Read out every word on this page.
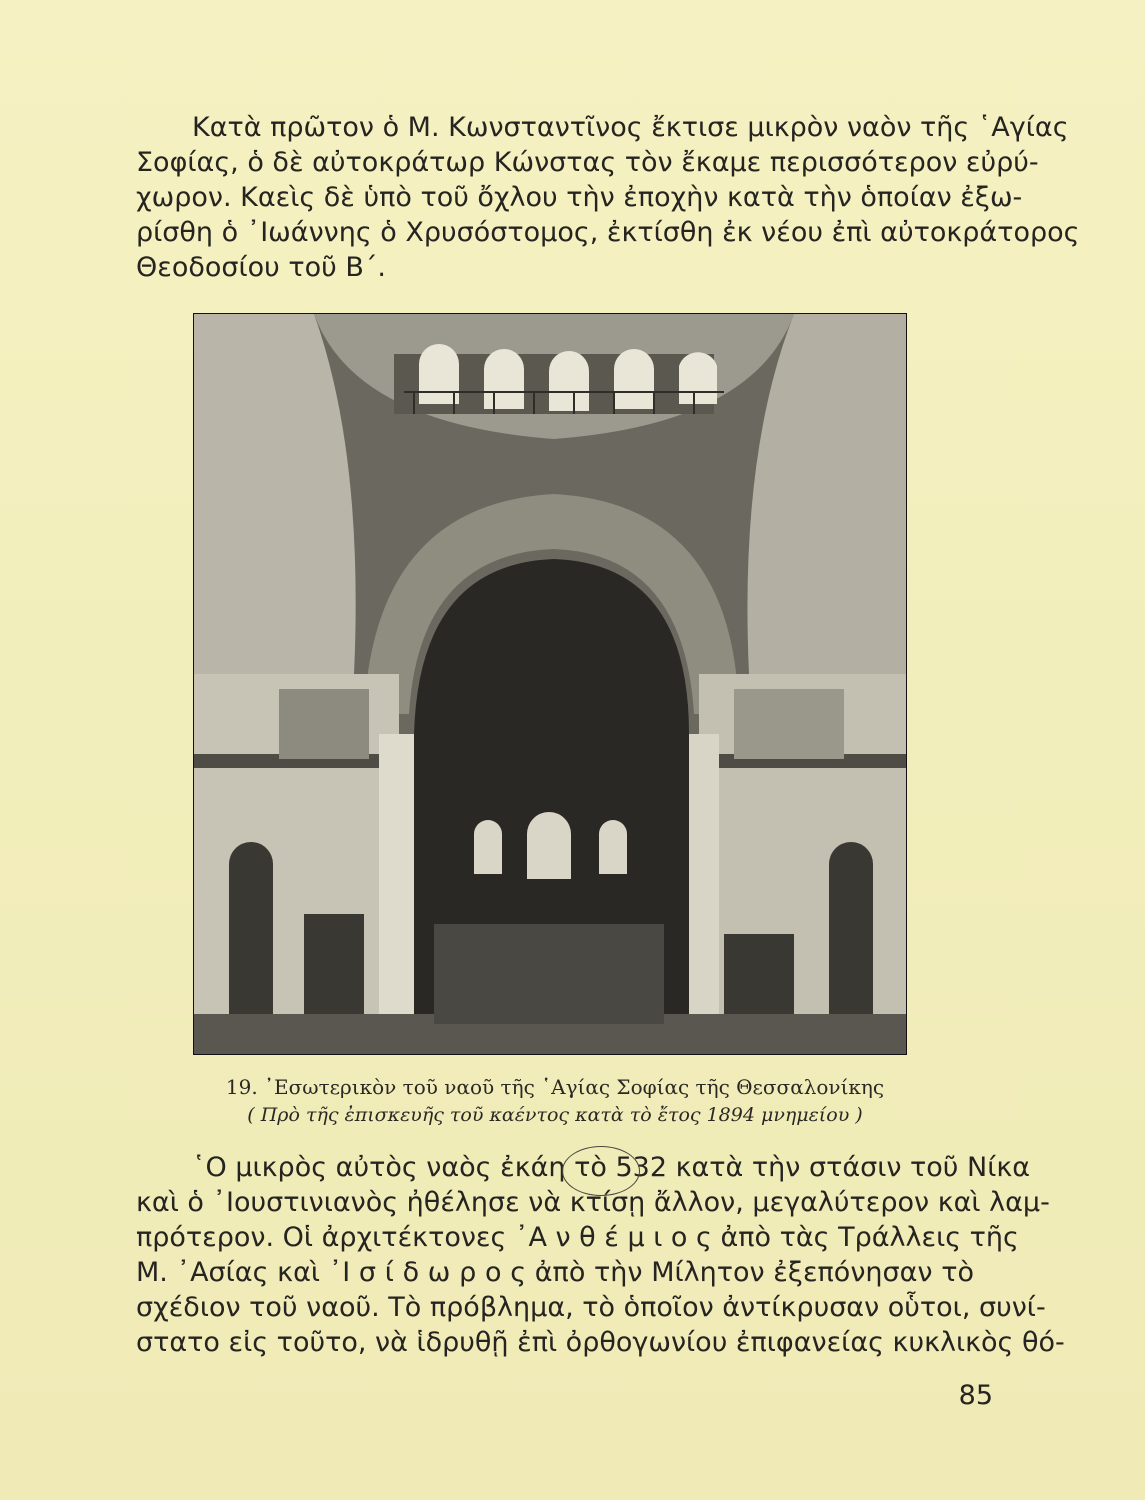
Κατὰ πρῶτον ὁ Μ. Κωνσταντῖνος ἔκτισε μικρὸν ναὸν τῆς ῾Αγίας
Σοφίας, ὁ δὲ αὐτοκράτωρ Κώνστας τὸν ἔκαμε περισσότερον εὐρύ-
χωρον. Καεὶς δὲ ὑπὸ τοῦ ὄχλου τὴν ἐποχὴν κατὰ τὴν ὁποίαν ἐξω-
ρίσθη ὁ ᾿Ιωάννης ὁ Χρυσόστομος, ἐκτίσθη ἐκ νέου ἐπὶ αὐτοκράτορος
Θεοδοσίου τοῦ Β΄.

19. ᾿Εσωτερικὸν τοῦ ναοῦ τῆς ῾Αγίας Σοφίας τῆς Θεσσαλονίκης
( Πρὸ τῆς ἐπισκευῆς τοῦ καέντος κατὰ τὸ ἔτος 1894 μνημείου )

῾Ο μικρὸς αὐτὸς ναὸς ἐκάη τὸ 532 κατὰ τὴν στάσιν τοῦ Νίκα
καὶ ὁ ᾿Ιουστινιανὸς ἠθέλησε νὰ κτίσῃ ἄλλον, μεγαλύτερον καὶ λαμ-
πρότερον. Οἱ ἀρχιτέκτονες ᾿Α ν θ έ μ ι ο ς ἀπὸ τὰς Τράλλεις τῆς
Μ. ᾿Ασίας καὶ ᾿Ι σ ί δ ω ρ ο ς ἀπὸ τὴν Μίλητον ἐξεπόνησαν τὸ
σχέδιον τοῦ ναοῦ. Τὸ πρόβλημα, τὸ ὁποῖον ἀντίκρυσαν οὗτοι, συνί-
στατο εἰς τοῦτο, νὰ ἱδρυθῇ ἐπὶ ὀρθογωνίου ἐπιφανείας κυκλικὸς θό-

85
